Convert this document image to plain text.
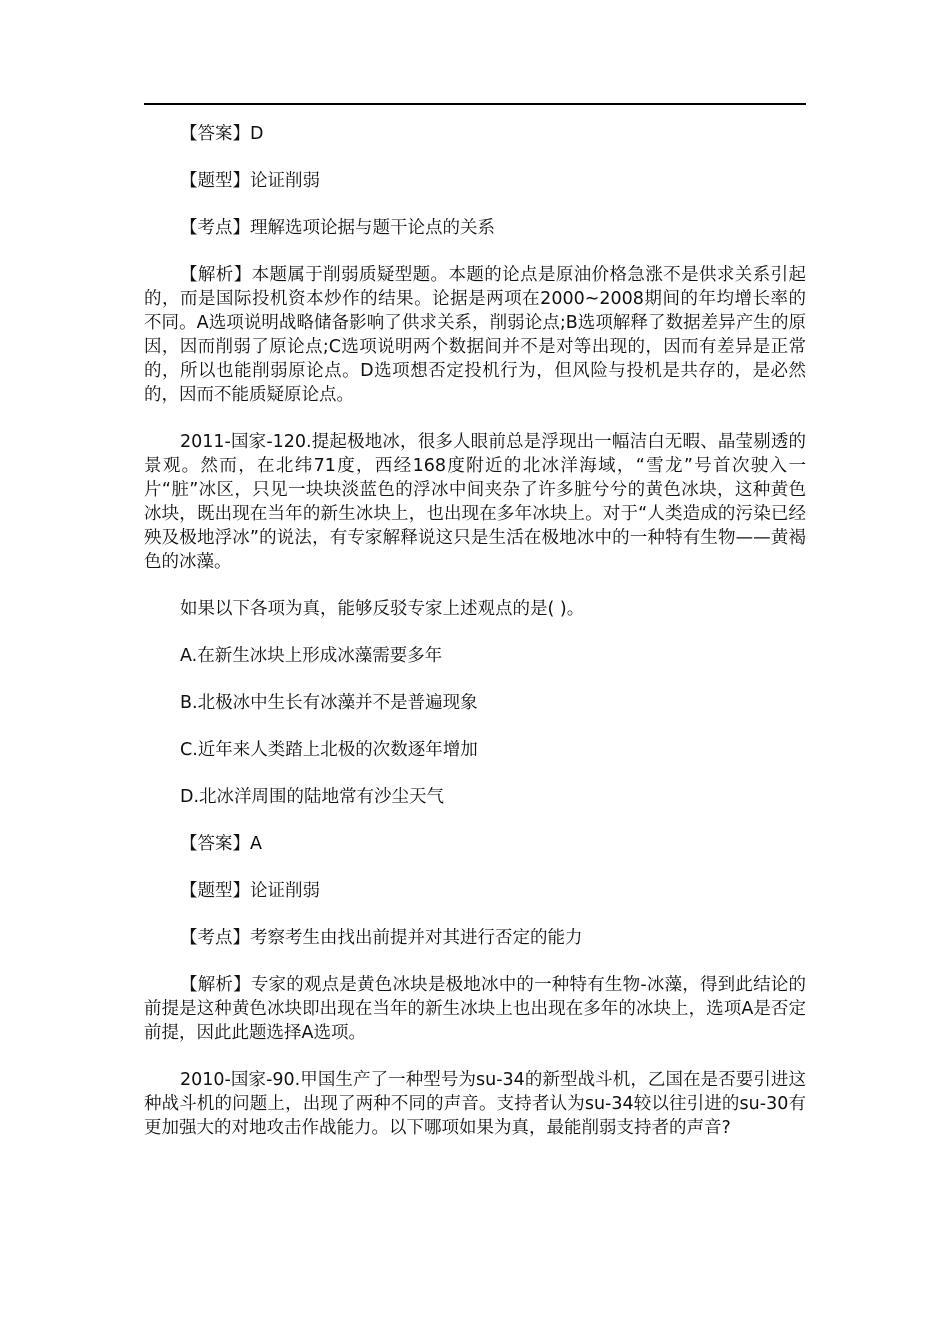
【答案】D

【题型】论证削弱

【考点】理解选项论据与题干论点的关系

【解析】本题属于削弱质疑型题。本题的论点是原油价格急涨不是供求关系引起的，而是国际投机资本炒作的结果。论据是两项在2000~2008期间的年均增长率的不同。A选项说明战略储备影响了供求关系，削弱论点;B选项解释了数据差异产生的原因，因而削弱了原论点;C选项说明两个数据间并不是对等出现的，因而有差异是正常的，所以也能削弱原论点。D选项想否定投机行为，但风险与投机是共存的，是必然的，因而不能质疑原论点。

2011-国家-120.提起极地冰，很多人眼前总是浮现出一幅洁白无暇、晶莹剔透的景观。然而，在北纬71度，西经168度附近的北冰洋海域，“雪龙”号首次驶入一片“脏”冰区，只见一块块淡蓝色的浮冰中间夹杂了许多脏兮兮的黄色冰块，这种黄色冰块，既出现在当年的新生冰块上，也出现在多年冰块上。对于“人类造成的污染已经殃及极地浮冰”的说法，有专家解释说这只是生活在极地冰中的一种特有生物——黄褐色的冰藻。

如果以下各项为真，能够反驳专家上述观点的是( )。

A.在新生冰块上形成冰藻需要多年

B.北极冰中生长有冰藻并不是普遍现象

C.近年来人类踏上北极的次数逐年增加

D.北冰洋周围的陆地常有沙尘天气

【答案】A

【题型】论证削弱

【考点】考察考生由找出前提并对其进行否定的能力

【解析】专家的观点是黄色冰块是极地冰中的一种特有生物-冰藻，得到此结论的前提是这种黄色冰块即出现在当年的新生冰块上也出现在多年的冰块上，选项A是否定前提，因此此题选择A选项。

2010-国家-90.甲国生产了一种型号为su-34的新型战斗机，乙国在是否要引进这种战斗机的问题上，出现了两种不同的声音。支持者认为su-34较以往引进的su-30有更加强大的对地攻击作战能力。以下哪项如果为真，最能削弱支持者的声音?
